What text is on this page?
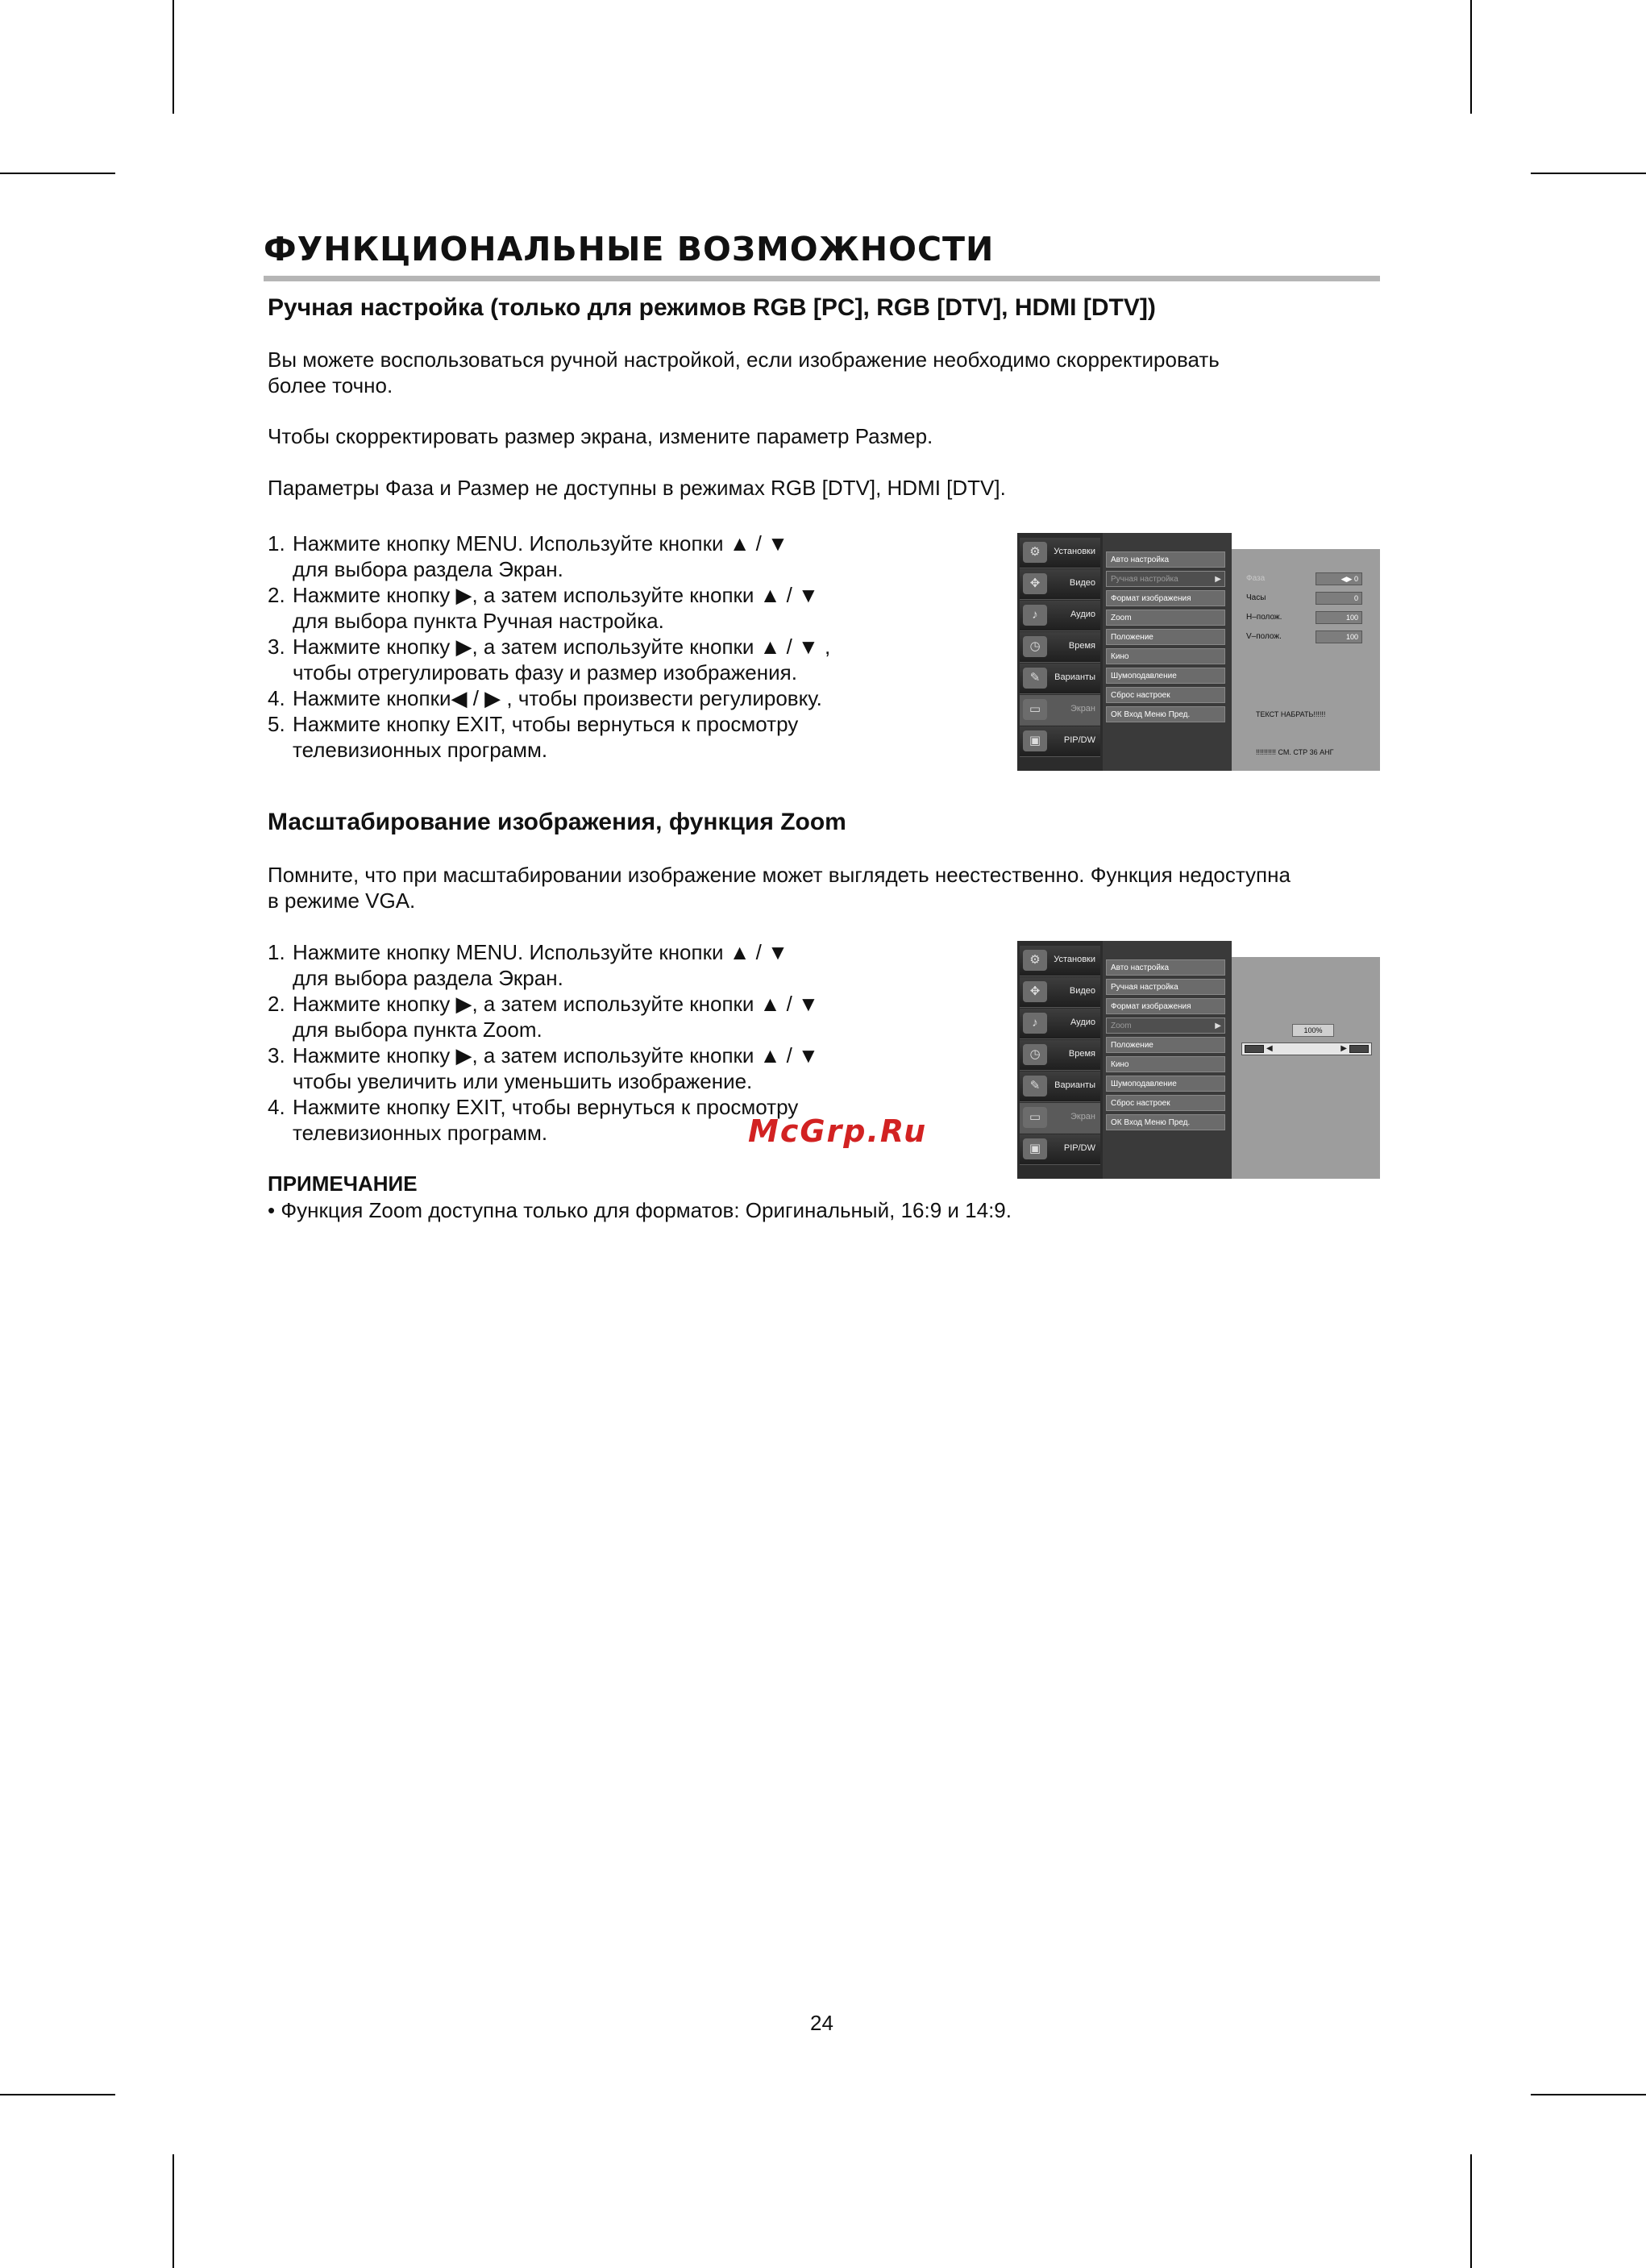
ФУНКЦИОНАЛЬНЫЕ ВОЗМОЖНОСТИ
Ручная настройка (только для режимов RGB [PC], RGB [DTV], HDMI [DTV])
Вы можете воспользоваться ручной настройкой, если изображение необходимо скорректировать
более точно.
Чтобы скорректировать размер экрана, измените параметр Размер.
Параметры Фаза и Размер не доступны в режимах RGB [DTV], HDMI [DTV].
1. Нажмите кнопку MENU. Используйте кнопки ▲ / ▼
для выбора раздела Экран.
2. Нажмите кнопку ▶, а затем используйте кнопки ▲ / ▼
для выбора пункта Ручная настройка.
3. Нажмите кнопку ▶, а затем используйте кнопки ▲ / ▼ ,
чтобы отрегулировать фазу и размер изображения.
4. Нажмите кнопки◀ / ▶ , чтобы произвести регулировку.
5. Нажмите кнопку EXIT, чтобы вернуться к просмотру
телевизионных программ.
⚙	Установки
✥	Видео
♪	Аудио
◷	Время
✎	Варианты
▭	Экран
▣	PIP/DW
Авто настройка
Ручная настройка	▶
Формат изображения
Zoom
Положение
Кино
Шумоподавление
Сброс настроек
ОК Вход Меню Пред.
Фаза	◀▶ 0
Часы	0
H–полож.	100
V–полож.	100
ТЕКСТ НАБРАТЬ!!!!!!
!!!!!!!!!! СМ. СТР 36 АНГ
Масштабирование изображения, функция Zoom
Помните, что при масштабировании изображение может выглядеть неестественно. Функция недоступна
в режиме VGA.
1. Нажмите кнопку MENU. Используйте кнопки ▲ / ▼
для выбора раздела Экран.
2. Нажмите кнопку ▶, а затем используйте кнопки ▲ / ▼
для выбора пункта Zoom.
3. Нажмите кнопку ▶, а затем используйте кнопки ▲ / ▼
чтобы увеличить или уменьшить изображение.
4. Нажмите кнопку EXIT, чтобы вернуться к просмотру
телевизионных программ.	McGrp.Ru
⚙	Установки
✥	Видео
♪	Аудио
◷	Время
✎	Варианты
▭	Экран
▣	PIP/DW
Авто настройка
Ручная настройка
Формат изображения
Zoom	▶
Положение
Кино
Шумоподавление
Сброс настроек
ОК Вход Меню Пред.
100%
◀	▶
ПРИМЕЧАНИЕ
• Функция Zoom доступна только для форматов: Оригинальный, 16:9 и 14:9.
24
